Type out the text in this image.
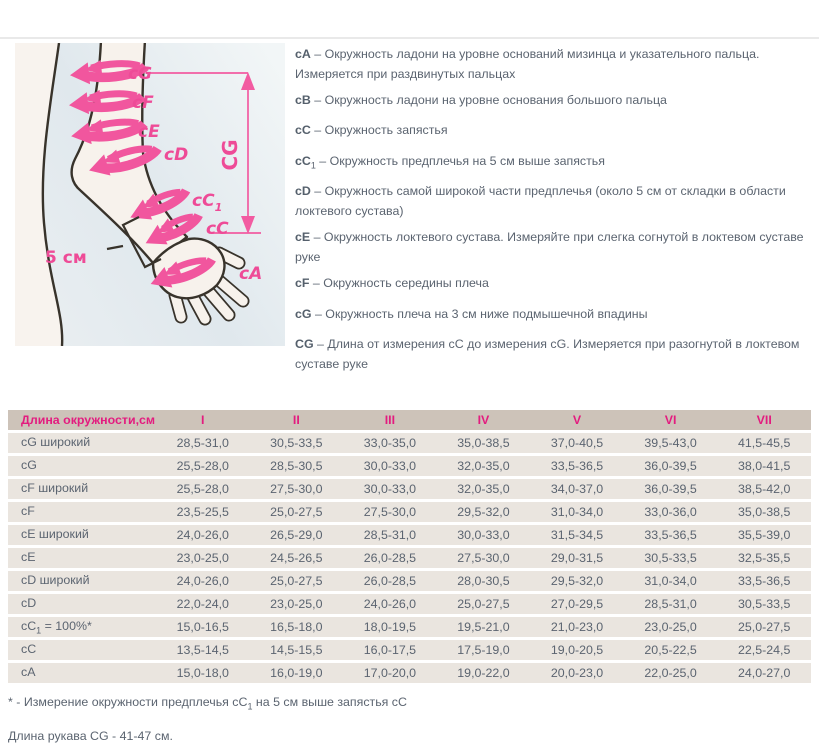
cG
cF
cE
cD
$cC_1$
cC
cA
5 см
CG

cA – Окружность ладони на уровне оснований мизинца и указательного пальца. Измеряется при раздвинутых пальцах

cB – Окружность ладони на уровне основания большого пальца

cC – Окружность запястья

$cC_1$ – Окружность предплечья на 5 см выше запястья

cD – Окружность самой широкой части предплечья (около 5 см от складки в области локтевого сустава)

cE – Окружность локтевого сустава. Измеряйте при слегка согнутой в локтевом суставе руке

cF – Окружность середины плеча

cG – Окружность плеча на 3 см ниже подмышечной впадины

CG – Длина от измерения cC до измерения cG. Измеряется при разогнутой в локтевом суставе руке

Длина окружности,см	I	II	III	IV	V	VI	VII
cG широкий	28,5-31,0	30,5-33,5	33,0-35,0	35,0-38,5	37,0-40,5	39,5-43,0	41,5-45,5
cG	25,5-28,0	28,5-30,5	30,0-33,0	32,0-35,0	33,5-36,5	36,0-39,5	38,0-41,5
cF широкий	25,5-28,0	27,5-30,0	30,0-33,0	32,0-35,0	34,0-37,0	36,0-39,5	38,5-42,0
cF	23,5-25,5	25,0-27,5	27,5-30,0	29,5-32,0	31,0-34,0	33,0-36,0	35,0-38,5
cE широкий	24,0-26,0	26,5-29,0	28,5-31,0	30,0-33,0	31,5-34,5	33,5-36,5	35,5-39,0
cE	23,0-25,0	24,5-26,5	26,0-28,5	27,5-30,0	29,0-31,5	30,5-33,5	32,5-35,5
cD широкий	24,0-26,0	25,0-27,5	26,0-28,5	28,0-30,5	29,5-32,0	31,0-34,0	33,5-36,5
cD	22,0-24,0	23,0-25,0	24,0-26,0	25,0-27,5	27,0-29,5	28,5-31,0	30,5-33,5
$cC_1 = 100\%*$	15,0-16,5	16,5-18,0	18,0-19,5	19,5-21,0	21,0-23,0	23,0-25,0	25,0-27,5
cC	13,5-14,5	14,5-15,5	16,0-17,5	17,5-19,0	19,0-20,5	20,5-22,5	22,5-24,5
cA	15,0-18,0	16,0-19,0	17,0-20,0	19,0-22,0	20,0-23,0	22,0-25,0	24,0-27,0

* - Измерение окружности предплечья $cC_1$ на 5 см выше запястья cC

Длина рукава CG - 41-47 см.
